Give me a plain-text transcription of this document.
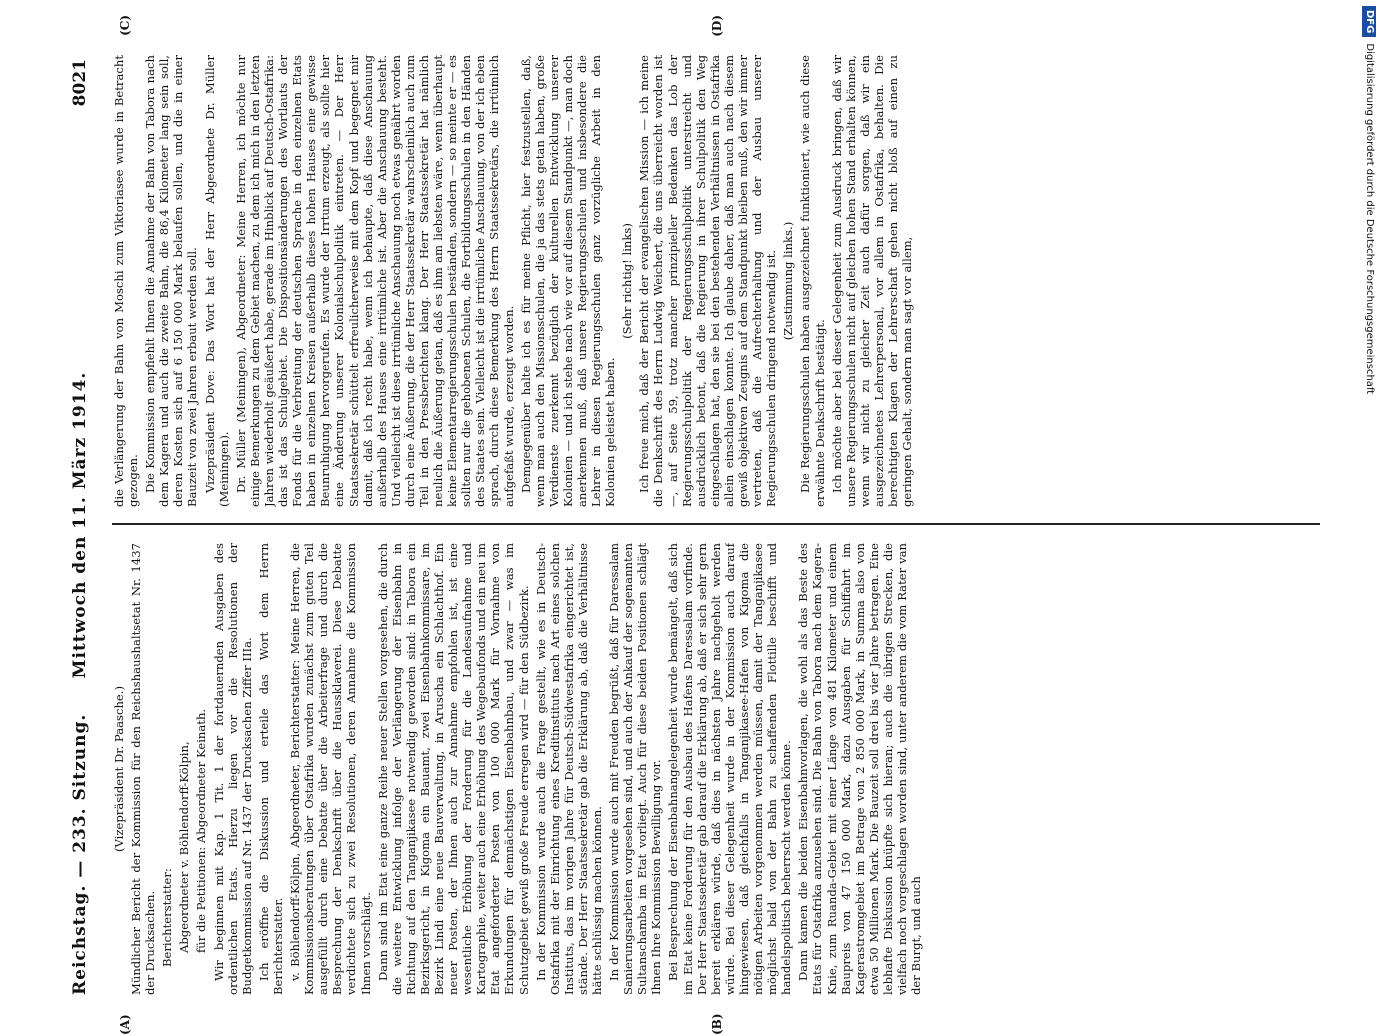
Reichstag. — 233. Sitzung.
Mittwoch den 11. März 1914.
8021

(Vizepräsident Dr. Paasche.) Mündlicher Bericht der Kommission für den Reichshaushaltsetat Nr. 1437 der Drucksachen. Berichterstatter: Abgeordneter v. Böhlendorff-Kölpin, für die Petitionen: Abgeordneter Keinath. Wir beginnen mit Kap. 1 Tit. 1 der fortdauernden Ausgaben des ordentlichen Etats. Hierzu liegen vor die Resolutionen der Budgetkommission auf Nr. 1437 der Drucksachen Ziffer IIIa. Ich eröffne die Diskussion und erteile das Wort dem Herrn Berichterstatter. v. Böhlendorff-Kölpin, Abgeordneter, Berichterstatter: Meine Herren, die Kommissionsberatungen über Ostafrika wurden zunächst zum guten Teil ausgefüllt durch eine Debatte über die Arbeiterfrage und durch die Besprechung der Denkschrift über die Haussklaverei. Diese Debatte verdichtete sich zu zwei Resolutionen, deren Annahme die Kommission Ihnen vorschlägt. Dann sind im Etat eine ganze Reihe neuer Stellen vorgesehen, die durch die weitere Entwicklung infolge der Verlängerung der Eisenbahn in Richtung auf den Tanganjikasee notwendig geworden sind: in Tabora ein Bezirksgericht, in Kigoma ein Bauamt, zwei Eisenbahnkommissare, im Bezirk Lindi eine neue Bauverwaltung, in Aruscha ein Schlachthof. Ein neuer Posten, der Ihnen auch zur Annahme empfohlen ist, ist eine wesentliche Erhöhung der Forderung für die Landesaufnahme und Kartographie, weiter auch eine Erhöhung des Wegebaufonds und ein neu im Etat angeforderter Posten von 100 000 Mark für Vornahme von Erkundungen für demnächstigen Eisenbahnbau, und zwar — was im Schutzgebiet gewiß große Freude erregen wird — für den Südbezirk. In der Kommission wurde auch die Frage gestellt, wie es in Deutsch-Ostafrika mit der Einrichtung eines Kreditinstituts nach Art eines solchen Instituts, das im vorigen Jahre für Deutsch-Südwestafrika eingerichtet ist, stände. Der Herr Staatssekretär gab die Erklärung ab, daß die Verhältnisse hätte schlüssig machen können. In der Kommission wurde auch mit Freuden begrüßt, daß für Daressalam Sanierungsarbeiten vorgesehen sind, und auch der Ankauf der sogenannten Sultanschamba im Etat vorliegt. Auch für diese beiden Positionen schlägt Ihnen Ihre Kommission Bewilligung vor. Bei Besprechung der Eisenbahnangelegenheit wurde bemängelt, daß sich im Etat keine Forderung für den Ausbau des Hafens Daressalam vorfinde. Der Herr Staatssekretär gab darauf die Erklärung ab, daß er sich sehr gern bereit erklären würde, daß dies in nächsten Jahre nachgeholt werden würde. Bei dieser Gelegenheit wurde in der Kommission auch darauf hingewiesen, daß gleichfalls in Tanganjikasee-Hafen von Kigoma die nötigen Arbeiten vorgenommen werden müssen, damit der Tanganjikasee möglichst bald von der Bahn zu schaffenden Flottille beschifft und handelspolitisch beherrscht werden könne. Dann kamen die beiden Eisenbahnvorlagen, die wohl als das Beste des Etats für Ostafrika anzusehen sind. Die Bahn von Tabora nach dem Kagera-Knie, zum Ruanda-Gebiet mit einer Länge von 481 Kilometer und einem Baupreis von 47 150 000 Mark, dazu Ausgaben für Schiffahrt im Kagerastromgebiet im Betrage von 2 850 000 Mark, in Summa also von etwa 50 Millionen Mark. Die Bauzeit soll drei bis vier Jahre betragen. Eine lebhafte Diskussion knüpfte sich hieran; auch die übrigen Strecken, die vielfach noch vorgeschlagen worden sind, unter anderem die vom Rater van der Burgt, und auch

die Verlängerung der Bahn von Moschi zum Viktoriasee wurde in Betracht gezogen. Die Kommission empfiehlt Ihnen die Annahme der Bahn von Tabora nach dem Kagera und auch die zweite Bahn, die 86,4 Kilometer lang sein soll, deren Kosten sich auf 6 150 000 Mark belaufen sollen, und die in einer Bauzeit von zwei Jahren erbaut werden soll. Vizepräsident Dove: Das Wort hat der Herr Abgeordnete Dr. Müller (Meiningen). Dr. Müller (Meiningen), Abgeordneter: Meine Herren, ich möchte nur einige Bemerkungen zu dem Gebiet machen, zu dem ich mich in den letzten Jahren wiederholt geäußert habe, gerade im Hinblick auf Deutsch-Ostafrika: das ist das Schulgebiet. Die Dispositionsänderungen des Wortlauts der Fonds für die Verbreitung der deutschen Sprache in den einzelnen Etats haben in einzelnen Kreisen außerhalb dieses hohen Hauses eine gewisse Beunruhigung hervorgerufen. Es wurde der Irrtum erzeugt, als sollte hier eine Änderung unserer Kolonialschulpolitik eintreten. — Der Herr Staatssekretär schüttelt erfreulicherweise mit dem Kopf und begegnet mir damit, daß ich recht habe, wenn ich behaupte, daß diese Anschauung außerhalb des Hauses eine irrtümliche ist. Aber die Anschauung besteht. Und vielleicht ist diese irrtümliche Anschauung noch etwas genährt worden durch eine Äußerung, die der Herr Staatssekretär wahrscheinlich auch zum Teil in den Pressberichten klang. Der Herr Staatssekretär hat nämlich neulich die Äußerung getan, daß es ihm am liebsten wäre, wenn überhaupt keine Elementarregierungsschulen beständen, sondern — so meinte er — es sollten nur die gehobenen Schulen, die Fortbildungsschulen in den Händen des Staates sein. Vielleicht ist die irrtümliche Anschauung, von der ich eben sprach, durch diese Bemerkung des Herrn Staatssekretärs, die irrtümlich aufgefaßt wurde, erzeugt worden. Demgegenüber halte ich es für meine Pflicht, hier festzustellen, daß, wenn man auch den Missionsschulen, die ja das stets getan haben, große Verdienste zuerkennt bezüglich der kulturellen Entwicklung unserer Kolonien — und ich stehe nach wie vor auf diesem Standpunkt —, man doch anerkennen muß, daß unsere Regierungsschulen und insbesondere die Lehrer in diesen Regierungsschulen ganz vorzügliche Arbeit in den Kolonien geleistet haben.

(Sehr richtig! links) Ich freue mich, daß der Bericht der evangelischen Mission — ich meine die Denkschrift des Herrn Ludwig Weichert, die uns überreicht worden ist —, auf Seite 59, trotz mancher prinzipieller Bedenken das Lob der Regierungsschulpolitik der Regierungsschulpolitik unterstreicht und ausdrücklich betont, daß die Regierung in ihrer Schulpolitik den Weg eingeschlagen hat, den sie bei den bestehenden Verhältnissen in Ostafrika allein einschlagen konnte. Ich glaube daher, daß man auch nach diesem gewiß objektiven Zeugnis auf dem Standpunkt bleiben muß, den wir immer vertreten, daß die Aufrechterhaltung und der Ausbau unserer Regierungsschulen dringend notwendig ist. (Zustimmung links.) Die Regierungsschulen haben ausgezeichnet funktioniert, wie auch diese erwähnte Denkschrift bestätigt. Ich möchte aber bei dieser Gelegenheit zum Ausdruck bringen, daß wir unsere Regierungsschulen nicht auf gleichen hohen Stand erhalten können, wenn wir nicht zu gleicher Zeit auch dafür sorgen, daß wir ein ausgezeichnetes Lehrerpersonal, vor allem in Ostafrika, behalten. Die berechtigten Klagen der Lehrerschaft gehen nicht bloß auf einen zu geringen Gehalt, sondern man sagt vor allem,

(A)	(B)
(C)	(D)	DFGDigitalisierung gefördert durch die Deutsche Forschungsgemeinschaft
